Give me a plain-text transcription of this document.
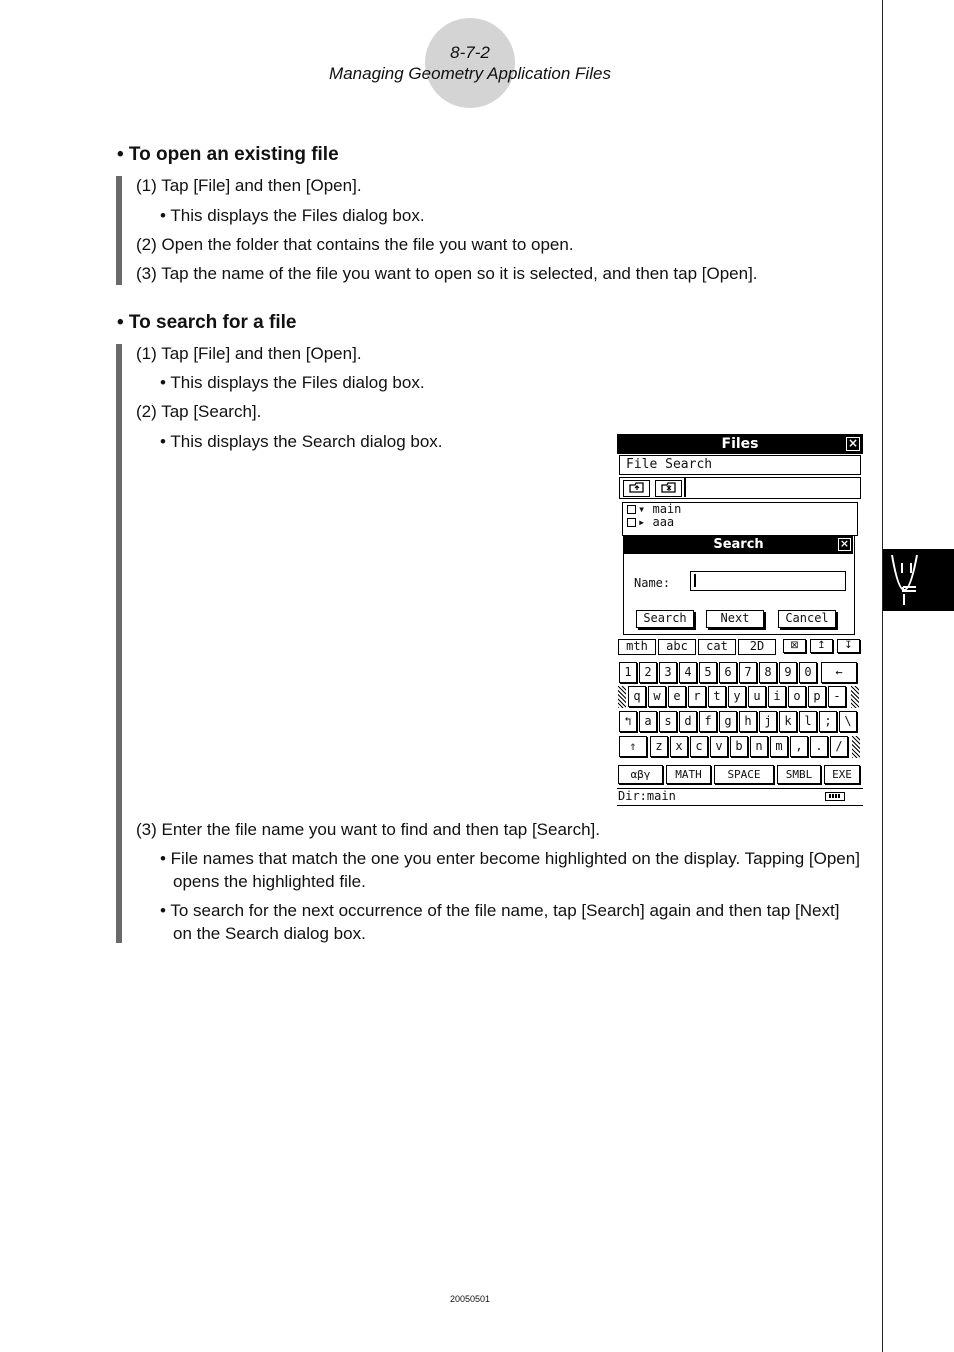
8-7-2
Managing Geometry Application Files
• To open an existing file
(1) Tap [File] and then [Open].
• This displays the Files dialog box.
(2) Open the folder that contains the file you want to open.
(3) Tap the name of the file you want to open so it is selected, and then tap [Open].
• To search for a file
(1) Tap [File] and then [Open].
• This displays the Files dialog box.
(2) Tap [Search].
• This displays the Search dialog box.
(3) Enter the file name you want to find and then tap [Search].
• File names that match the one you enter become highlighted on the display. Tapping [Open] opens the highlighted file.
• To search for the next occurrence of the file name, tap [Search] again and then tap [Next] on the Search dialog box.
Files	×
File Search
▾ main
▸ aaa
Search	×
Name:
Search	Next	Cancel
mth	abc	cat	2D	⊠	↥	↧
1	2	3	4	5	6	7	8	9	0	←
q	w	e	r	t	y	u	i	o	p	-
↰	a	s	d	f	g	h	j	k	l	;	\
⇑	z	x	c	v	b	n	m	,	.	/
αβγ	MATH	SPACE	SMBL	EXE
Dir:main
20050501
